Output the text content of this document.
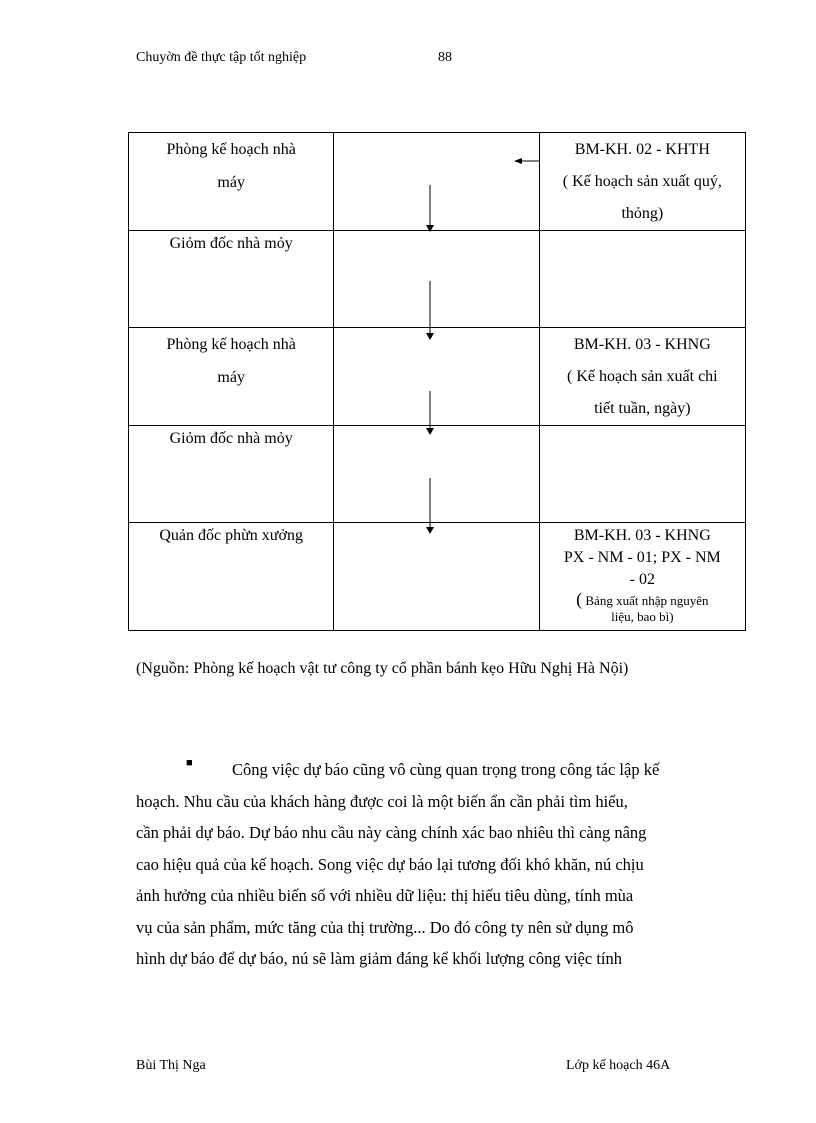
Chuyờn đề thực tập tốt nghiệp	88
Phòng kế hoạch nhà
máy		BM-KH. 02 - KHTH
( Kế hoạch sản xuất quý,
thỏng)

Giỏm đốc nhà mỏy

Phòng kế hoạch nhà
máy		BM-KH. 03 - KHNG
( Kế hoạch sản xuất chi
tiết tuần, ngày)

Giỏm đốc nhà mỏy

Quản đốc phừn xưởng		BM-KH. 03 - KHNG
PX - NM - 01; PX - NM
- 02
( Bảng xuất nhập nguyên
liệu, bao bì)
(Nguồn: Phòng kế hoạch vật tư công ty cổ phần bánh kẹo Hữu Nghị Hà Nội)
■	Công việc dự báo cũng vô cùng quan trọng trong công tác lập kế
hoạch. Nhu cầu của khách hàng được coi là một biến ẩn cần phải tìm hiểu,
cần phải dự báo. Dự báo nhu cầu này càng chính xác bao nhiêu thì càng nâng
cao hiệu quả của kế hoạch. Song việc dự báo lại tương đối khó khăn, nú chịu
ảnh hưởng của nhiều biến số với nhiều dữ liệu: thị hiếu tiêu dùng, tính mùa
vụ của sản phẩm, mức tăng của thị trường... Do đó công ty nên sử dụng mô
hình dự báo để dự báo, nú sẽ làm giảm đáng kể khối lượng công việc tính
Bùi Thị Nga	Lớp kế hoạch 46A
